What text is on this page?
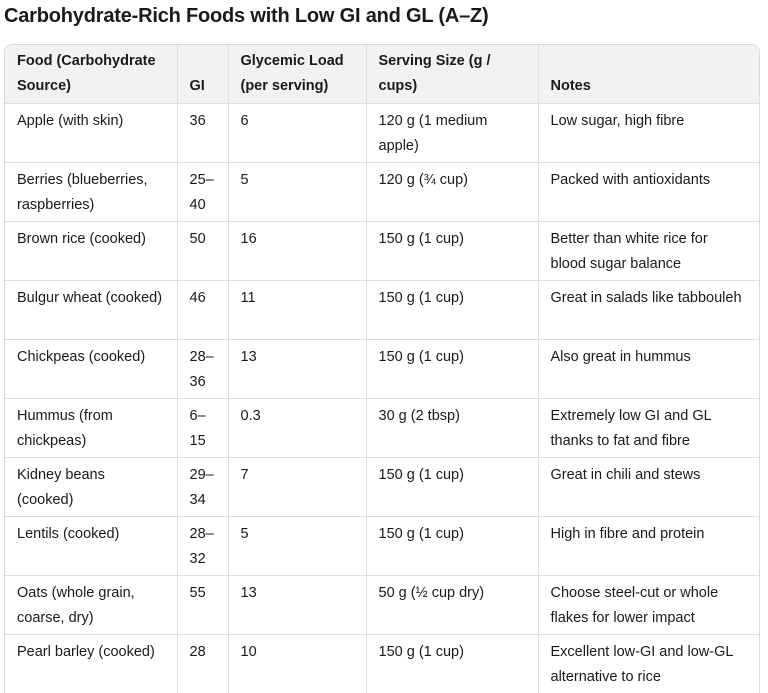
Carbohydrate-Rich Foods with Low GI and GL (A–Z)
Food (Carbohydrate Source)	GI	Glycemic Load (per serving)	Serving Size (g / cups)	Notes
Apple (with skin)	36	6	120 g (1 medium apple)	Low sugar, high fibre
Berries (blueberries, raspberries)	25–40	5	120 g (¾ cup)	Packed with antioxidants
Brown rice (cooked)	50	16	150 g (1 cup)	Better than white rice for blood sugar balance
Bulgur wheat (cooked)	46	11	150 g (1 cup)	Great in salads like tabbouleh
Chickpeas (cooked)	28–36	13	150 g (1 cup)	Also great in hummus
Hummus (from chickpeas)	6–15	0.3	30 g (2 tbsp)	Extremely low GI and GL thanks to fat and fibre
Kidney beans (cooked)	29–34	7	150 g (1 cup)	Great in chili and stews
Lentils (cooked)	28–32	5	150 g (1 cup)	High in fibre and protein
Oats (whole grain, coarse, dry)	55	13	50 g (½ cup dry)	Choose steel-cut or whole flakes for lower impact
Pearl barley (cooked)	28	10	150 g (1 cup)	Excellent low-GI and low-GL alternative to rice
